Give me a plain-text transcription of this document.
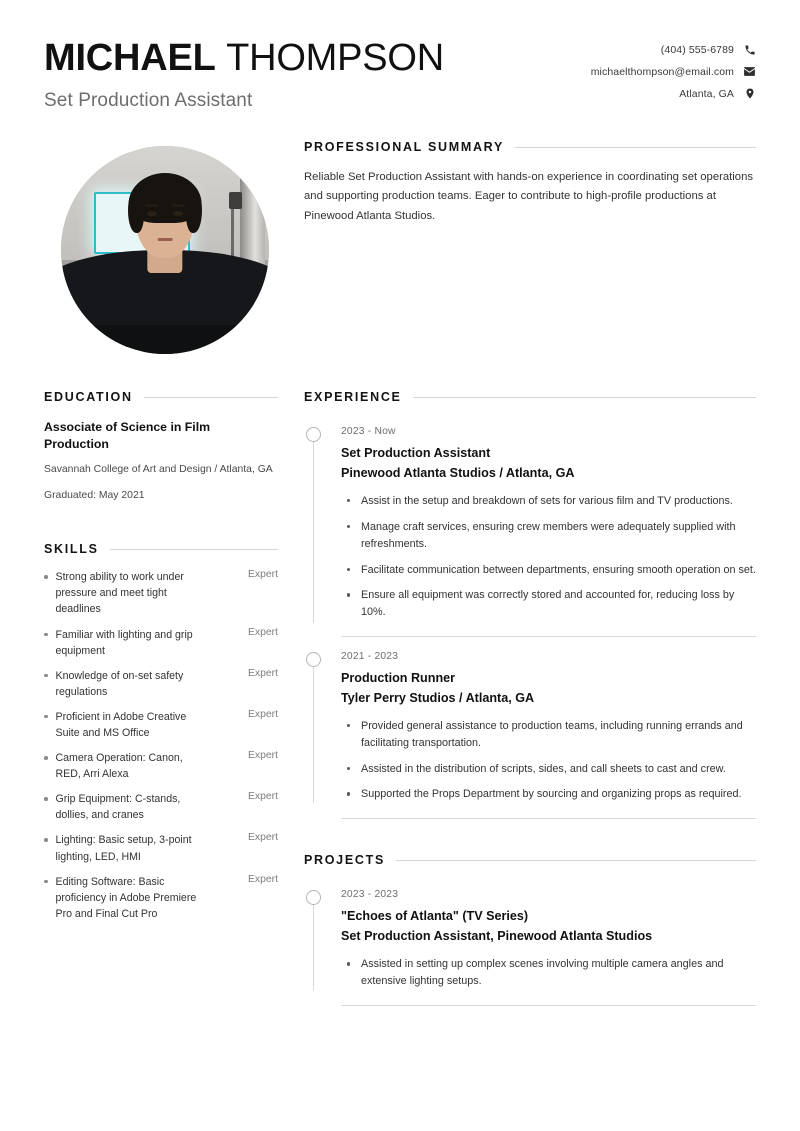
MICHAEL THOMPSON
Set Production Assistant
(404) 555-6789
michaelthompson@email.com
Atlanta, GA
PROFESSIONAL SUMMARY
Reliable Set Production Assistant with hands-on experience in coordinating set operations and supporting production teams. Eager to contribute to high-profile productions at Pinewood Atlanta Studios.
EDUCATION
Associate of Science in Film Production
Savannah College of Art and Design / Atlanta, GA
Graduated: May 2021
SKILLS
Strong ability to work under pressure and meet tight deadlines
Expert
Familiar with lighting and grip equipment
Expert
Knowledge of on-set safety regulations
Expert
Proficient in Adobe Creative Suite and MS Office
Expert
Camera Operation: Canon, RED, Arri Alexa
Expert
Grip Equipment: C-stands, dollies, and cranes
Expert
Lighting: Basic setup, 3-point lighting, LED, HMI
Expert
Editing Software: Basic proficiency in Adobe Premiere Pro and Final Cut Pro
Expert
EXPERIENCE
2023 - Now
Set Production Assistant
Pinewood Atlanta Studios / Atlanta, GA
Assist in the setup and breakdown of sets for various film and TV productions.
Manage craft services, ensuring crew members were adequately supplied with refreshments.
Facilitate communication between departments, ensuring smooth operation on set.
Ensure all equipment was correctly stored and accounted for, reducing loss by 10%.
2021 - 2023
Production Runner
Tyler Perry Studios / Atlanta, GA
Provided general assistance to production teams, including running errands and facilitating transportation.
Assisted in the distribution of scripts, sides, and call sheets to cast and crew.
Supported the Props Department by sourcing and organizing props as required.
PROJECTS
2023 - 2023
"Echoes of Atlanta" (TV Series)
Set Production Assistant, Pinewood Atlanta Studios
Assisted in setting up complex scenes involving multiple camera angles and extensive lighting setups.
